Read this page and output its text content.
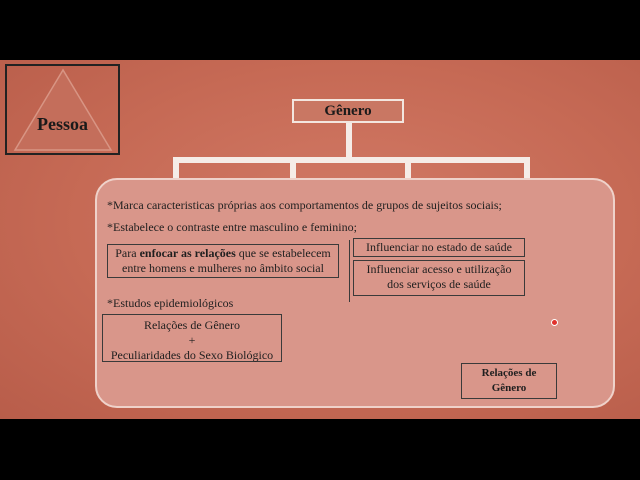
Pessoa
Gênero
*Marca caracteristicas próprias aos comportamentos de grupos de sujeitos sociais;
*Estabelece o contraste entre masculino e feminino;
Para enfocar as relações que se estabelecem
entre homens e mulheres no âmbito social
Influenciar no estado de saúde
Influenciar acesso e utilização
dos serviços de saúde
*Estudos epidemiológicos
Relações de Gênero
+
Peculiaridades do Sexo Biológico
Relações de
Gênero
